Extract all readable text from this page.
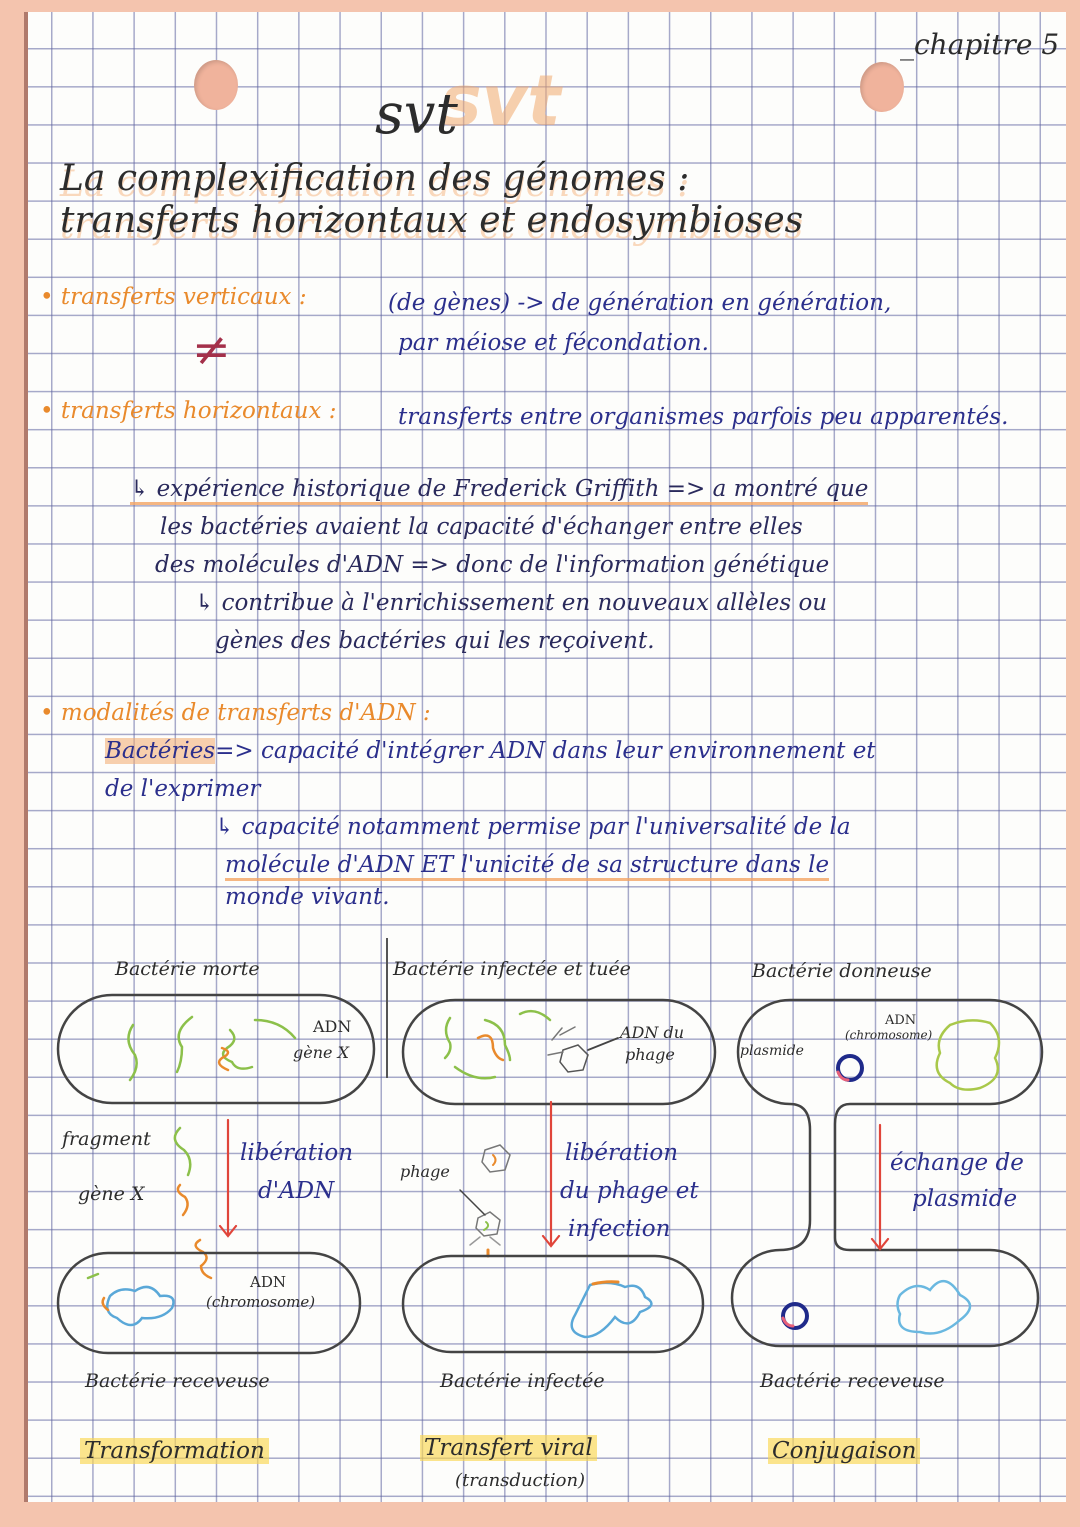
_chapitre 5
svt
svt
La complexification des génomes :
transferts horizontaux et endosymbioses
• transferts verticaux :	(de gènes) -> de génération en génération,
par méiose et fécondation.
≠
• transferts horizontaux :	transferts entre organismes parfois peu apparentés.
↳ expérience historique de Frederick Griffith => a montré que
les bactéries avaient la capacité d'échanger entre elles
des molécules d'ADN => donc de l'information génétique
↳ contribue à l'enrichissement en nouveaux allèles ou
gènes des bactéries qui les reçoivent.
• modalités de transferts d'ADN :
Bactéries=> capacité d'intégrer ADN dans leur environnement et
de l'exprimer
↳ capacité notamment permise par l'universalité de la
molécule d'ADN ET l'unicité de sa structure dans le
monde vivant.
Bactérie morte
ADN
gène X
fragment
gène X
libération
d'ADN
ADN
(chromosome)
Bactérie receveuse
Transformation
Bactérie infectée et tuée
ADN du
phage
phage
libération
du phage et
infection
Bactérie infectée
Transfert viral
(transduction)
Bactérie donneuse
plasmide
ADN
(chromosome)
échange de
plasmide
Bactérie receveuse
Conjugaison
